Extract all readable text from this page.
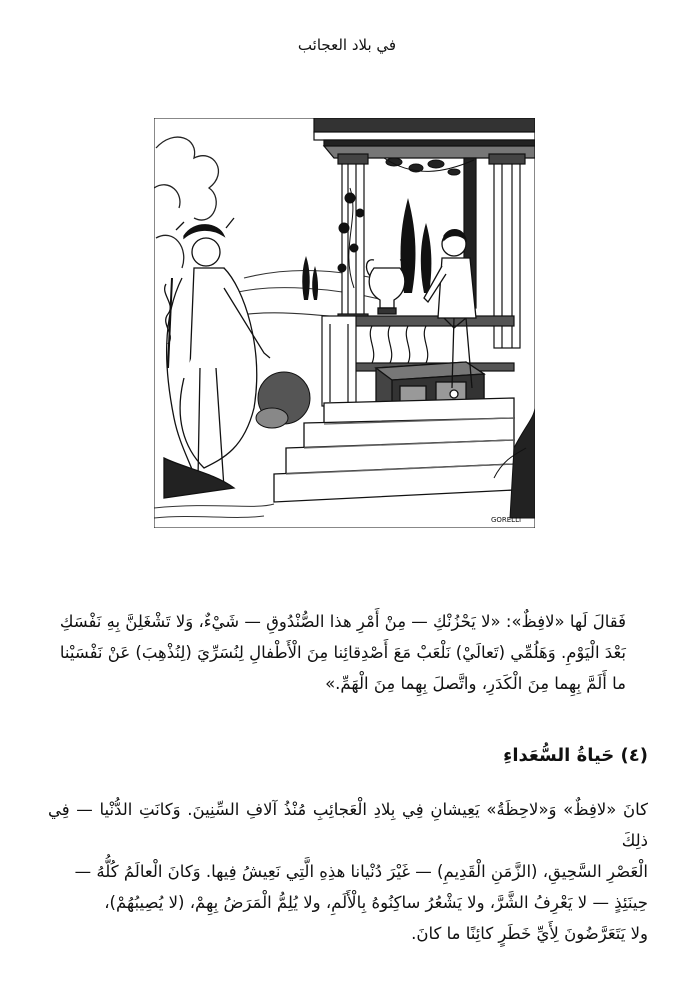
في بلاد العجائب
GORELLI
فَقالَ لَها «لافِظٌ»: «لا يَحْزُنْكِ — مِنْ أَمْرِ هذا الصُّنْدُوقِ — شَيْءٌ، وَلا تَشْغَلِنَّ بِهِ نَفْسَكِ
بَعْدَ الْيَوْمِ. وَهَلُمِّي (تَعالَيْ) نَلْعَبْ مَعَ أَصْدِقائِنا مِنَ الْأَطْفالِ لِنُسَرِّيَ (لِنُذْهِبَ) عَنْ نَفْسَيْنا
ما أَلَمَّ بِهِما مِنَ الْكَدَرِ، واتَّصلَ بِهِما مِنَ الْهَمِّ.»
(٤) حَياةُ السُّعَداءِ
كانَ «لافِظٌ» وَ«لاحِظَةُ» يَعِيشانِ فِي بِلادِ الْعَجائِبِ مُنْذُ آلافِ السِّنِينَ. وَكانَتِ الدُّنْيا — فِي ذلِكَ
الْعَصْرِ السَّحِيقِ، (الزَّمَنِ الْقَدِيمِ) — غَيْرَ دُنْيانا هذِهِ الَّتِي نَعِيشُ فِيها. وَكانَ الْعالَمُ كُلُّهُ —
حِينَئِذٍ — لا يَعْرِفُ الشَّرَّ، ولا يَشْعُرُ ساكِنُوهُ بِالْأَلَمِ، ولا يُلِمُّ الْمَرَضُ بِهِمْ، (لا يُصِيبُهُمْ)،
ولا يَتَعَرَّضُونَ لِأَيِّ خَطَرٍ كائِنًا ما كانَ.
